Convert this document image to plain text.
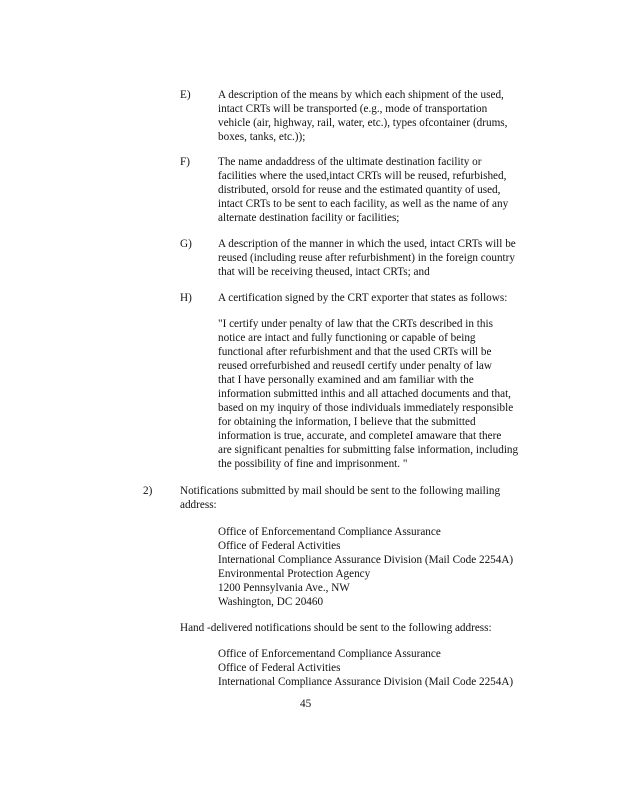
E)	A description of the means by which each shipment of the used,
intact CRTs will be transported (e.g., mode of transportation
vehicle (air, highway, rail, water, etc.), types ofcontainer (drums,
boxes, tanks, etc.));
F)	The name andaddress of the ultimate destination facility or
facilities where the used,intact CRTs will be reused, refurbished,
distributed, orsold for reuse and the estimated quantity of used,
intact CRTs to be sent to each facility, as well as the name of any
alternate destination facility or facilities;
G)	A description of the manner in which the used, intact CRTs will be
reused (including reuse after refurbishment) in the foreign country
that will be receiving theused, intact CRTs; and
H)	A certification signed by the CRT exporter that states as follows:
"I certify under penalty of law that the CRTs described in this
notice are intact and fully functioning or capable of being
functional after refurbishment and that the used CRTs will be
reused orrefurbished and reusedI certify under penalty of law
that I have personally examined and am familiar with the
information submitted inthis and all attached documents and that,
based on my inquiry of those individuals immediately responsible
for obtaining the information, I believe that the submitted
information is true, accurate, and completeI amaware that there
are significant penalties for submitting false information, including
the possibility of fine and imprisonment. "
2)	Notifications submitted by mail should be sent to the following mailing
address:
Office of Enforcementand Compliance Assurance
Office of Federal Activities
International Compliance Assurance Division (Mail Code 2254A)
Environmental Protection Agency
1200 Pennsylvania Ave., NW
Washington, DC 20460
Hand -delivered notifications should be sent to the following address:
Office of Enforcementand Compliance Assurance
Office of Federal Activities
International Compliance Assurance Division (Mail Code 2254A)
45
